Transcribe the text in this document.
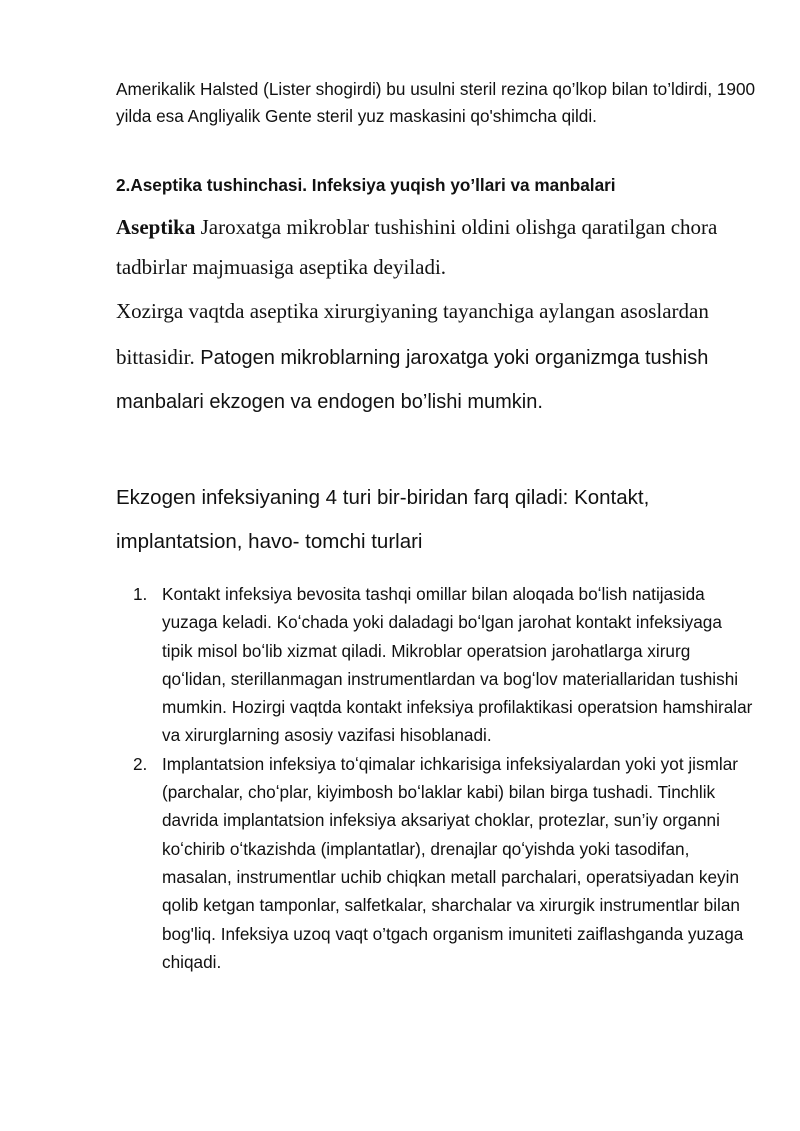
Amerikalik Halsted (Lister shogirdi) bu usulni steril rezina qo’lkop bilan to’ldirdi, 1900 yilda esa Angliyalik Gente steril yuz maskasini qo'shimcha qildi.

2.Aseptika tushinchasi. Infeksiya yuqish yo’llari va manbalari

Aseptika Jaroxatga mikroblar tushishini oldini olishga qaratilgan chora tadbirlar majmuasiga aseptika deyiladi.

Xozirga vaqtda aseptika xirurgiyaning tayanchiga aylangan asoslardan bittasidir. Patogen mikroblarning jaroxatga yoki organizmga tushish manbalari ekzogen va endogen bo’lishi mumkin.

Ekzogen infeksiyaning 4 turi bir-biridan farq qiladi: Kontakt, implantatsion, havo- tomchi turlari

1. Kontakt infeksiya bevosita tashqi omillar bilan aloqada boʻlish natijasida yuzaga keladi. Koʻchada yoki daladagi boʻlgan jarohat kontakt infeksiyaga tipik misol boʻlib xizmat qiladi. Mikroblar operatsion jarohatlarga xirurg qoʻlidan, sterillanmagan instrumentlardan va bogʻlov materiallaridan tushishi mumkin. Hozirgi vaqtda kontakt infeksiya profilaktikasi operatsion hamshiralar va xirurglarning asosiy vazifasi hisoblanadi.
2. Implantatsion infeksiya toʻqimalar ichkarisiga infeksiyalardan yoki yot jismlar (parchalar, choʻplar, kiyimbosh boʻlaklar kabi) bilan birga tushadi. Tinchlik davrida implantatsion infeksiya aksariyat choklar, protezlar, sun’iy organni koʻchirib oʻtkazishda (implantatlar), drenajlar qoʻyishda yoki tasodifan, masalan, instrumentlar uchib chiqkan metall parchalari, operatsiyadan keyin qolib ketgan tamponlar, salfetkalar, sharchalar va xirurgik instrumentlar bilan bog'liq. Infeksiya uzoq vaqt o’tgach organism imuniteti zaiflashganda yuzaga chiqadi.
